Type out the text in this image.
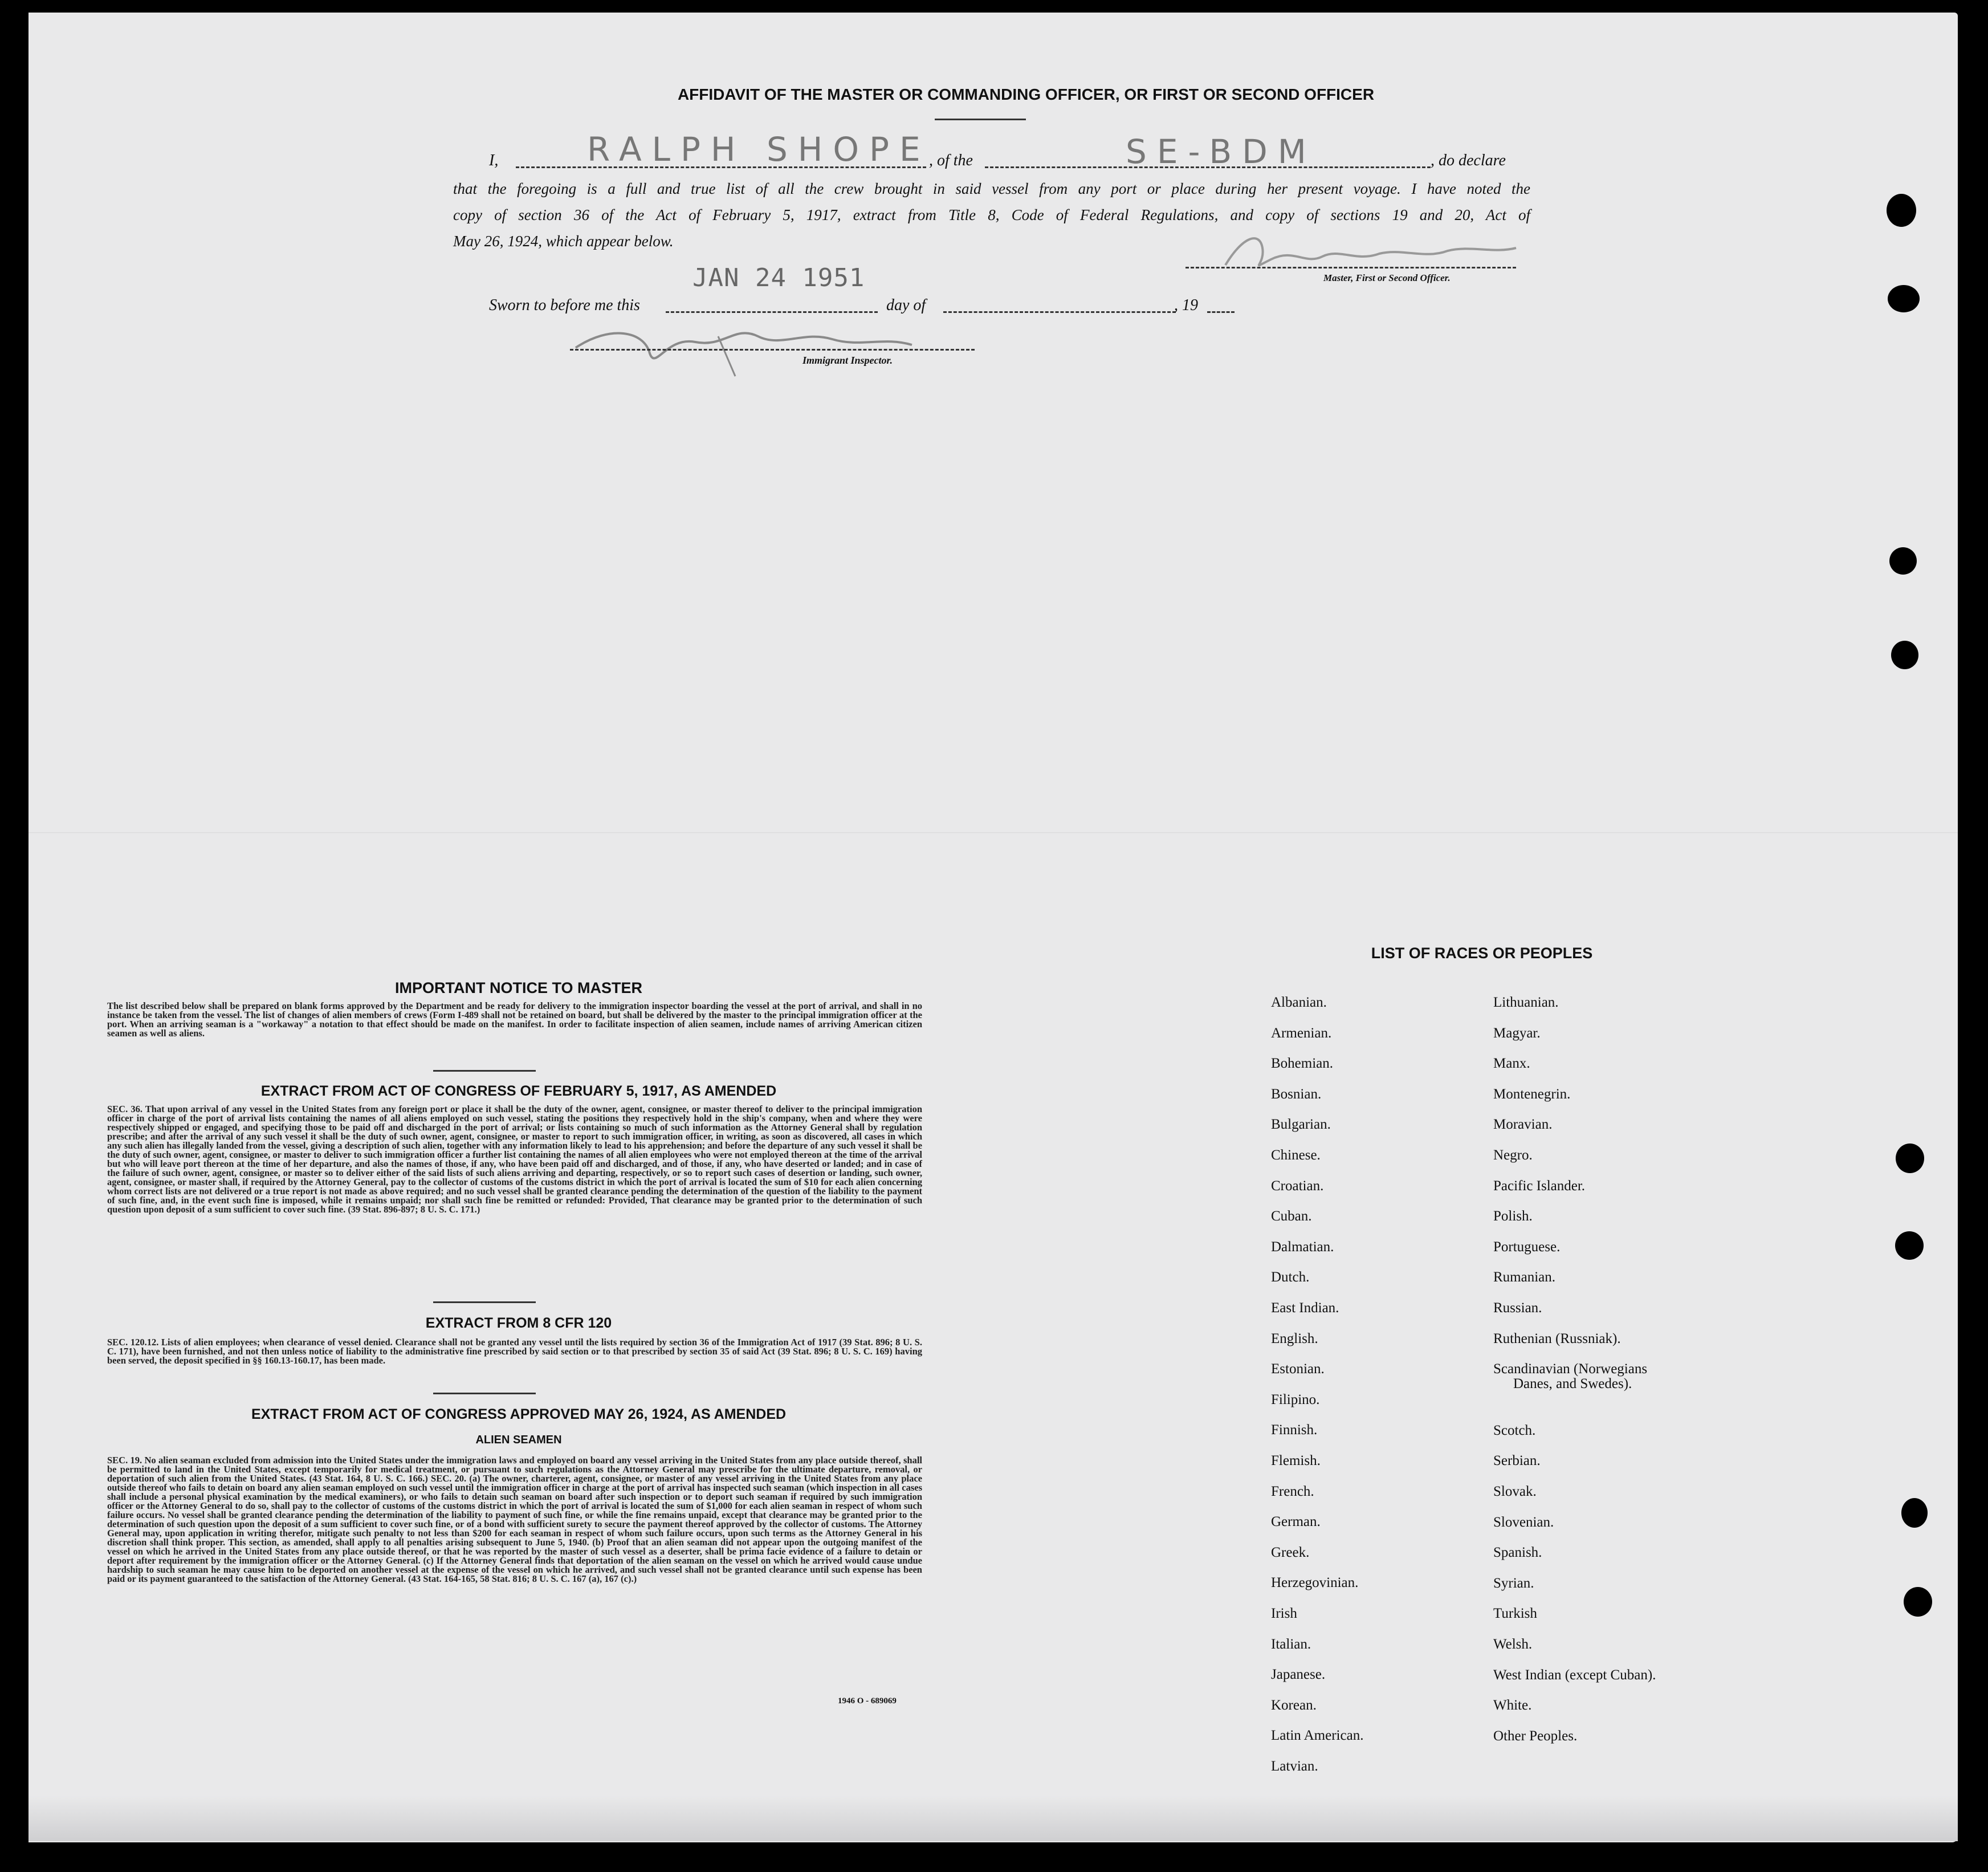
AFFIDAVIT OF THE MASTER OR COMMANDING OFFICER, OR FIRST OR SECOND OFFICER
I,	RALPH SHOPE
, of the	SE-BDM	, do declare
that the foregoing is a full and true list of all the crew brought in said vessel from any port or place during her present voyage. I have noted the
copy of section 36 of the Act of February 5, 1917, extract from Title 8, Code of Federal Regulations, and copy of sections 19 and 20, Act of
May 26, 1924, which appear below.
JAN 24 1951	Master, First or Second Officer.
Sworn to before me this	day of	, 19
Immigrant Inspector.
IMPORTANT NOTICE TO MASTER
The list described below shall be prepared on blank forms approved by the Department and be ready for delivery to the immigration inspector boarding the vessel at the port of arrival, and shall in no instance be taken from the vessel. The list of changes of alien members of crews (Form I-489 shall not be retained on board, but shall be delivered by the master to the principal immigration officer at the port. When an arriving seaman is a "workaway" a notation to that effect should be made on the manifest. In order to facilitate inspection of alien seamen, include names of arriving American citizen seamen as well as aliens.
EXTRACT FROM ACT OF CONGRESS OF FEBRUARY 5, 1917, AS AMENDED
SEC. 36. That upon arrival of any vessel in the United States from any foreign port or place it shall be the duty of the owner, agent, consignee, or master thereof to deliver to the principal immigration officer in charge of the port of arrival lists containing the names of all aliens employed on such vessel, stating the positions they respectively hold in the ship's company, when and where they were respectively shipped or engaged, and specifying those to be paid off and discharged in the port of arrival; or lists containing so much of such information as the Attorney General shall by regulation prescribe; and after the arrival of any such vessel it shall be the duty of such owner, agent, consignee, or master to report to such immigration officer, in writing, as soon as discovered, all cases in which any such alien has illegally landed from the vessel, giving a description of such alien, together with any information likely to lead to his apprehension; and before the departure of any such vessel it shall be the duty of such owner, agent, consignee, or master to deliver to such immigration officer a further list containing the names of all alien employees who were not employed thereon at the time of the arrival but who will leave port thereon at the time of her departure, and also the names of those, if any, who have been paid off and discharged, and of those, if any, who have deserted or landed; and in case of the failure of such owner, agent, consignee, or master so to deliver either of the said lists of such aliens arriving and departing, respectively, or so to report such cases of desertion or landing, such owner, agent, consignee, or master shall, if required by the Attorney General, pay to the collector of customs of the customs district in which the port of arrival is located the sum of $10 for each alien concerning whom correct lists are not delivered or a true report is not made as above required; and no such vessel shall be granted clearance pending the determination of the question of the liability to the payment of such fine, and, in the event such fine is imposed, while it remains unpaid; nor shall such fine be remitted or refunded: Provided, That clearance may be granted prior to the determination of such question upon deposit of a sum sufficient to cover such fine. (39 Stat. 896-897; 8 U. S. C. 171.)
EXTRACT FROM 8 CFR 120
SEC. 120.12. Lists of alien employees; when clearance of vessel denied. Clearance shall not be granted any vessel until the lists required by section 36 of the Immigration Act of 1917 (39 Stat. 896; 8 U. S. C. 171), have been furnished, and not then unless notice of liability to the administrative fine prescribed by said section or to that prescribed by section 35 of said Act (39 Stat. 896; 8 U. S. C. 169) having been served, the deposit specified in §§ 160.13-160.17, has been made.
EXTRACT FROM ACT OF CONGRESS APPROVED MAY 26, 1924, AS AMENDED
ALIEN SEAMEN
SEC. 19. No alien seaman excluded from admission into the United States under the immigration laws and employed on board any vessel arriving in the United States from any place outside thereof, shall be permitted to land in the United States, except temporarily for medical treatment, or pursuant to such regulations as the Attorney General may prescribe for the ultimate departure, removal, or deportation of such alien from the United States. (43 Stat. 164, 8 U. S. C. 166.) SEC. 20. (a) The owner, charterer, agent, consignee, or master of any vessel arriving in the United States from any place outside thereof who fails to detain on board any alien seaman employed on such vessel until the immigration officer in charge at the port of arrival has inspected such seaman (which inspection in all cases shall include a personal physical examination by the medical examiners), or who fails to detain such seaman on board after such inspection or to deport such seaman if required by such immigration officer or the Attorney General to do so, shall pay to the collector of customs of the customs district in which the port of arrival is located the sum of $1,000 for each alien seaman in respect of whom such failure occurs. No vessel shall be granted clearance pending the determination of the liability to payment of such fine, or while the fine remains unpaid, except that clearance may be granted prior to the determination of such question upon the deposit of a sum sufficient to cover such fine, or of a bond with sufficient surety to secure the payment thereof approved by the collector of customs. The Attorney General may, upon application in writing therefor, mitigate such penalty to not less than $200 for each seaman in respect of whom such failure occurs, upon such terms as the Attorney General in his discretion shall think proper. This section, as amended, shall apply to all penalties arising subsequent to June 5, 1940. (b) Proof that an alien seaman did not appear upon the outgoing manifest of the vessel on which he arrived in the United States from any place outside thereof, or that he was reported by the master of such vessel as a deserter, shall be prima facie evidence of a failure to detain or deport after requirement by the immigration officer or the Attorney General. (c) If the Attorney General finds that deportation of the alien seaman on the vessel on which he arrived would cause undue hardship to such seaman he may cause him to be deported on another vessel at the expense of the vessel on which he arrived, and such vessel shall not be granted clearance until such expense has been paid or its payment guaranteed to the satisfaction of the Attorney General. (43 Stat. 164-165, 58 Stat. 816; 8 U. S. C. 167 (a), 167 (c).)
1946 O - 689069
LIST OF RACES OR PEOPLES
Albanian.
Armenian.
Bohemian.
Bosnian.
Bulgarian.
Chinese.
Croatian.
Cuban.
Dalmatian.
Dutch.
East Indian.
English.
Estonian.
Filipino.
Finnish.
Flemish.
French.
German.
Greek.
Herzegovinian.
Irish
Italian.
Japanese.
Korean.
Latin American.
Latvian.
Lithuanian.
Magyar.
Manx.
Montenegrin.
Moravian.
Negro.
Pacific Islander.
Polish.
Portuguese.
Rumanian.
Russian.
Ruthenian (Russniak).
Scandinavian (Norwegians
Danes, and Swedes).
Scotch.
Serbian.
Slovak.
Slovenian.
Spanish.
Syrian.
Turkish
Welsh.
West Indian (except Cuban).
White.
Other Peoples.
